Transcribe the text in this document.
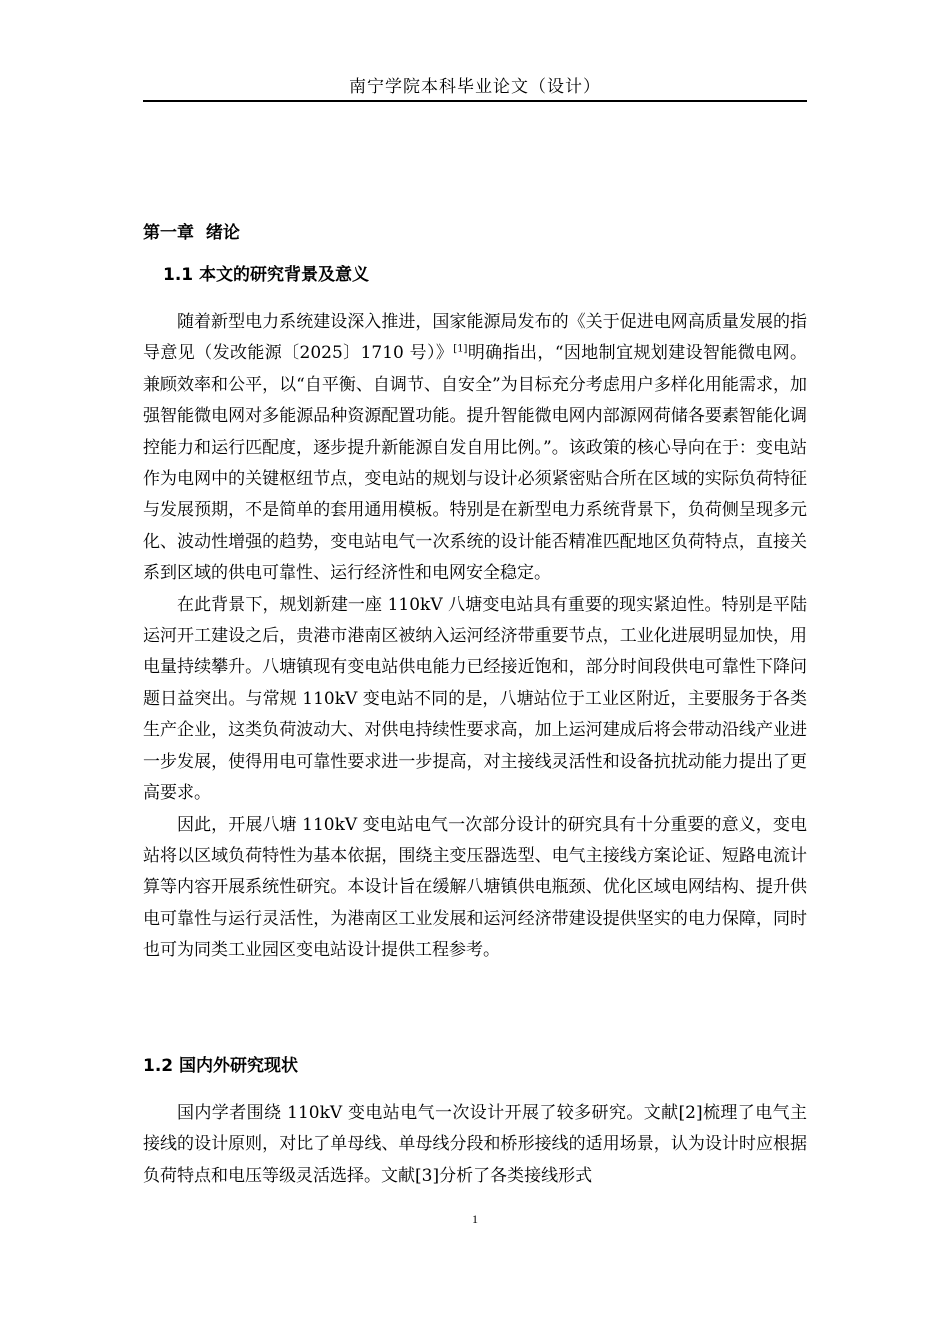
南宁学院本科毕业论文（设计）
第一章  绪论
1.1 本文的研究背景及意义

随着新型电力系统建设深入推进，国家能源局发布的《关于促进电网高质量发展的指导意见（发改能源〔2025〕1710 号）》[1]明确指出，“因地制宜规划建设智能微电网。兼顾效率和公平，以“自平衡、自调节、自安全”为目标充分考虑用户多样化用能需求，加强智能微电网对多能源品种资源配置功能。提升智能微电网内部源网荷储各要素智能化调控能力和运行匹配度，逐步提升新能源自发自用比例。”。该政策的核心导向在于：变电站作为电网中的关键枢纽节点，变电站的规划与设计必须紧密贴合所在区域的实际负荷特征与发展预期，不是简单的套用通用模板。特别是在新型电力系统背景下，负荷侧呈现多元化、波动性增强的趋势，变电站电气一次系统的设计能否精准匹配地区负荷特点，直接关系到区域的供电可靠性、运行经济性和电网安全稳定。

在此背景下，规划新建一座 110kV 八塘变电站具有重要的现实紧迫性。特别是平陆运河开工建设之后，贵港市港南区被纳入运河经济带重要节点，工业化进展明显加快，用电量持续攀升。八塘镇现有变电站供电能力已经接近饱和，部分时间段供电可靠性下降问题日益突出。与常规 110kV 变电站不同的是，八塘站位于工业区附近，主要服务于各类生产企业，这类负荷波动大、对供电持续性要求高，加上运河建成后将会带动沿线产业进一步发展，使得用电可靠性要求进一步提高，对主接线灵活性和设备抗扰动能力提出了更高要求。

因此，开展八塘 110kV 变电站电气一次部分设计的研究具有十分重要的意义，变电站将以区域负荷特性为基本依据，围绕主变压器选型、电气主接线方案论证、短路电流计算等内容开展系统性研究。本设计旨在缓解八塘镇供电瓶颈、优化区域电网结构、提升供电可靠性与运行灵活性，为港南区工业发展和运河经济带建设提供坚实的电力保障，同时也可为同类工业园区变电站设计提供工程参考。

1.2 国内外研究现状

国内学者围绕 110kV 变电站电气一次设计开展了较多研究。文献[2]梳理了电气主接线的设计原则，对比了单母线、单母线分段和桥形接线的适用场景，认为设计时应根据负荷特点和电压等级灵活选择。文献[3]分析了各类接线形式

1
